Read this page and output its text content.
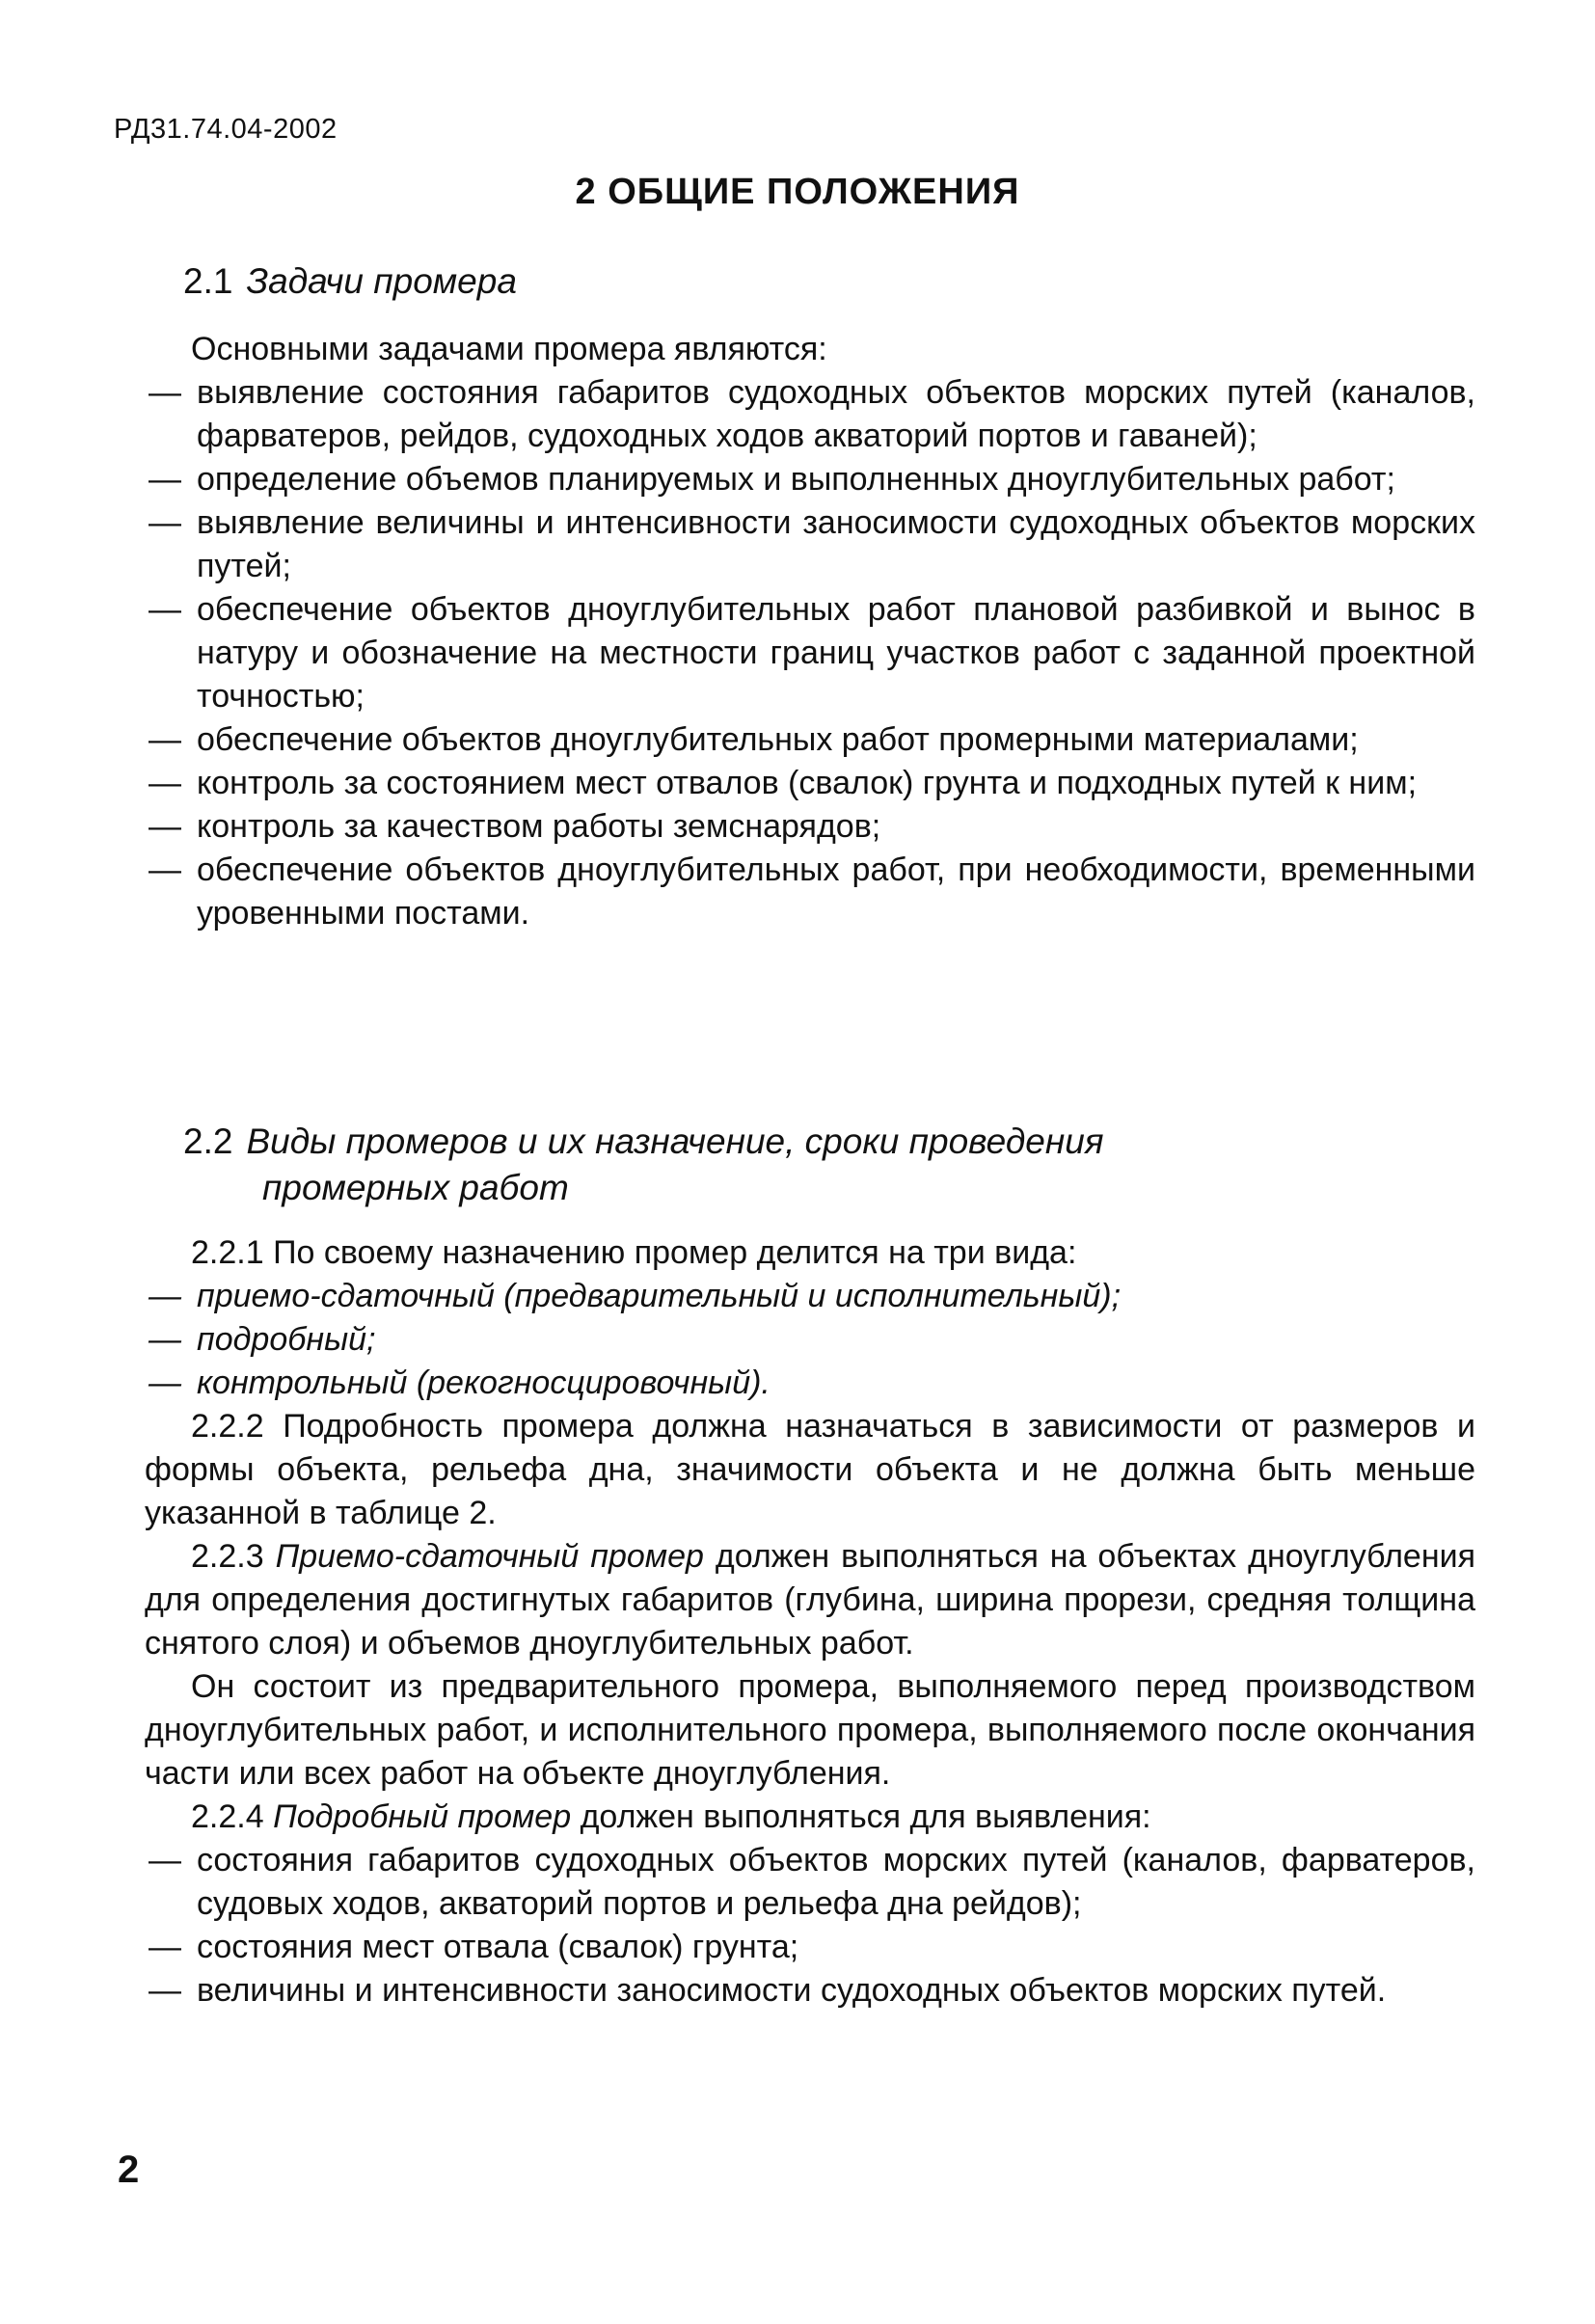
РД31.74.04-2002
2 ОБЩИЕ ПОЛОЖЕНИЯ
2.1 Задачи промера

Основными задачами промера являются:

— выявление состояния габаритов судоходных объектов морских путей (каналов, фарватеров, рейдов, судоходных ходов акваторий портов и гаваней);

— определение объемов планируемых и выполненных дноуглубительных работ;

— выявление величины и интенсивности заносимости судоходных объектов морских путей;

— обеспечение объектов дноуглубительных работ плановой разбивкой и вынос в натуру и обозначение на местности границ участков работ с заданной проектной точностью;

— обеспечение объектов дноуглубительных работ промерными материалами;

— контроль за состоянием мест отвалов (свалок) грунта и подходных путей к ним;

— контроль за качеством работы земснарядов;

— обеспечение объектов дноуглубительных работ, при необходимости, временными уровенными постами.

2.2 Виды промеров и их назначение, сроки проведения
промерных работ

2.2.1 По своему назначению промер делится на три вида:

— приемо-сдаточный (предварительный и исполнительный);

— подробный;

— контрольный (рекогносцировочный).

2.2.2 Подробность промера должна назначаться в зависимости от размеров и формы объекта, рельефа дна, значимости объекта и не должна быть меньше указанной в таблице 2.

2.2.3 Приемо-сдаточный промер должен выполняться на объектах дноуглубления для определения достигнутых габаритов (глубина, ширина прорези, средняя толщина снятого слоя) и объемов дноуглубительных работ.

Он состоит из предварительного промера, выполняемого перед производством дноуглубительных работ, и исполнительного промера, выполняемого после окончания части или всех работ на объекте дноуглубления.

2.2.4 Подробный промер должен выполняться для выявления:

— состояния габаритов судоходных объектов морских путей (каналов, фарватеров, судовых ходов, акваторий портов и рельефа дна рейдов);

— состояния мест отвала (свалок) грунта;

— величины и интенсивности заносимости судоходных объектов морских путей.

2
